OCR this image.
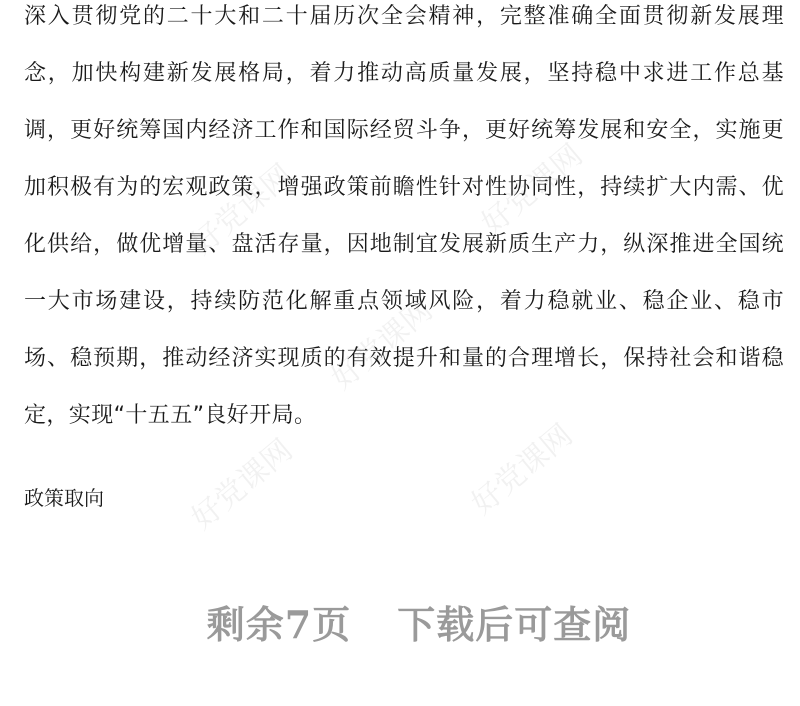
深入贯彻党的二十大和二十届历次全会精神，完整准确全面贯彻新发展理念，加快构建新发展格局，着力推动高质量发展，坚持稳中求进工作总基调，更好统筹国内经济工作和国际经贸斗争，更好统筹发展和安全，实施更加积极有为的宏观政策，增强政策前瞻性针对性协同性，持续扩大内需、优化供给，做优增量、盘活存量，因地制宜发展新质生产力，纵深推进全国统一大市场建设，持续防范化解重点领域风险，着力稳就业、稳企业、稳市场、稳预期，推动经济实现质的有效提升和量的合理增长，保持社会和谐稳定，实现“十五五”良好开局。

政策取向
剩余7页 下载后可查阅
好党课网	好党课网
好党课网
好党课网	好党课网
